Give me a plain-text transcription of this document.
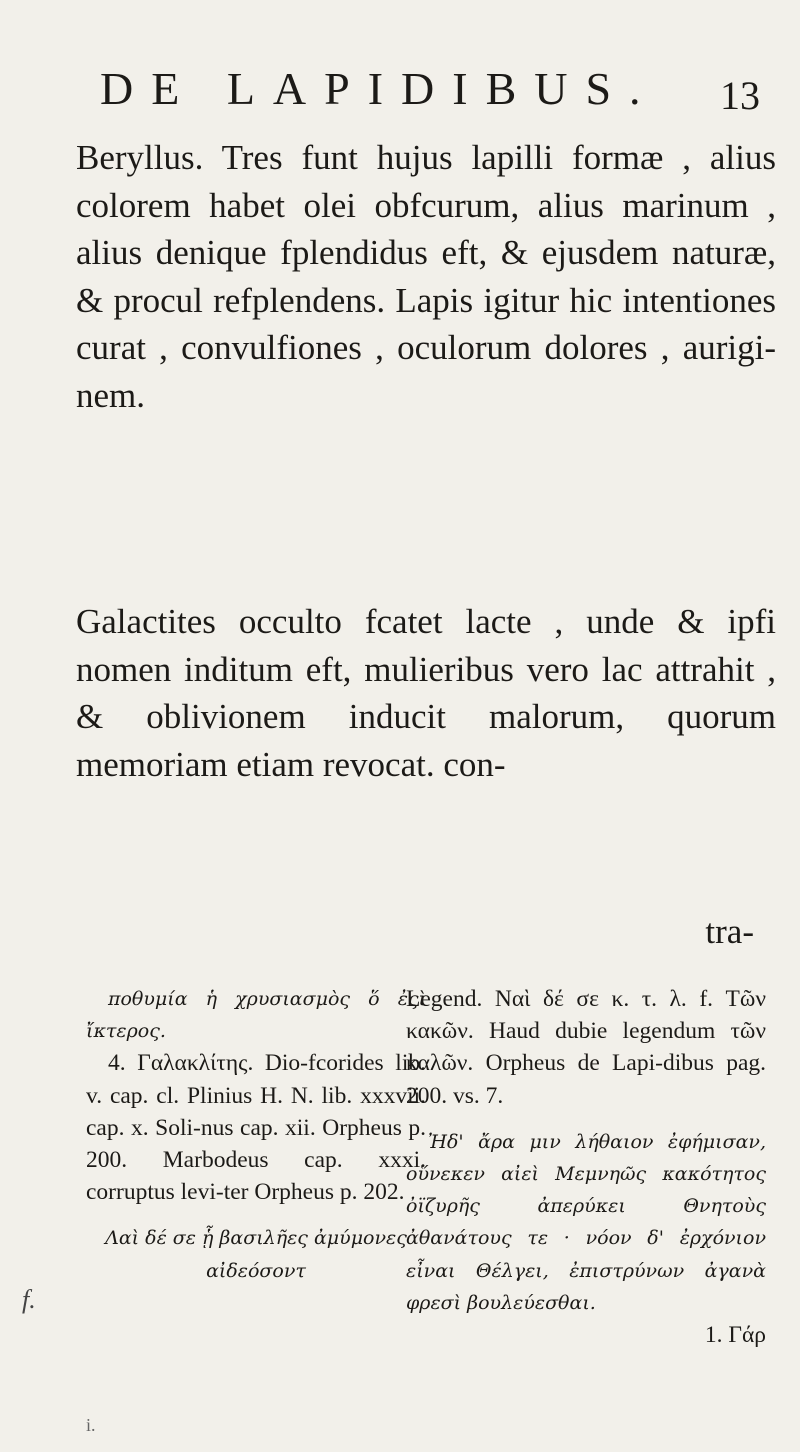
DE LAPIDIBUS. 13

Beryllus. Tres funt hujus lapilli formæ , alius colorem habet olei obfcurum, alius marinum , alius denique fplendidus eft, & ejusdem naturæ, & procul refplendens. Lapis igitur hic intentiones curat , convulfiones , oculorum dolores , aurigi-nem.

Galactites occulto fcatet lacte , unde & ipfi nomen inditum eft, mulieribus vero lac attrahit , & oblivionem inducit malorum, quorum memoriam etiam revocat. con-

tra-

ποθυμία ἡ χρυσιασμὸς ὅ ἐςὶ ἴκτερος.

4. Γαλακλίτης. Dio-fcorides lib. v. cap. cl. Plinius H. N. lib. xxxvii. cap. x. Soli-nus cap. xii. Orpheus p. 200. Marbodeus cap. xxxi. corruptus levi-ter Orpheus p. 202.

Λαὶ δέ σε ᾗ βασιλῆες ἀμύμονες αἰδεόσοντ

Legend. Ναὶ δέ σε κ. τ. λ. f. Τῶν κακῶν. Haud dubie legendum τῶν καλῶν. Orpheus de Lapi-dibus pag. 200. vs. 7.

Ἠδ' ἄρα μιν λήθαιον ἐφήμισαν, οὕνεκεν αἰεὶ Μεμνηῶς κακότητος ὀϊζυρῆς ἀπερύκει Θνητοὺς ἀθανάτους τε · νόον δ' ἐρχόνιον εἶναι Θέλγει, ἐπιστρύνων ἀγανὰ φρεσὶ βουλεύεσθαι.

1. Γάρ

f.
i.
